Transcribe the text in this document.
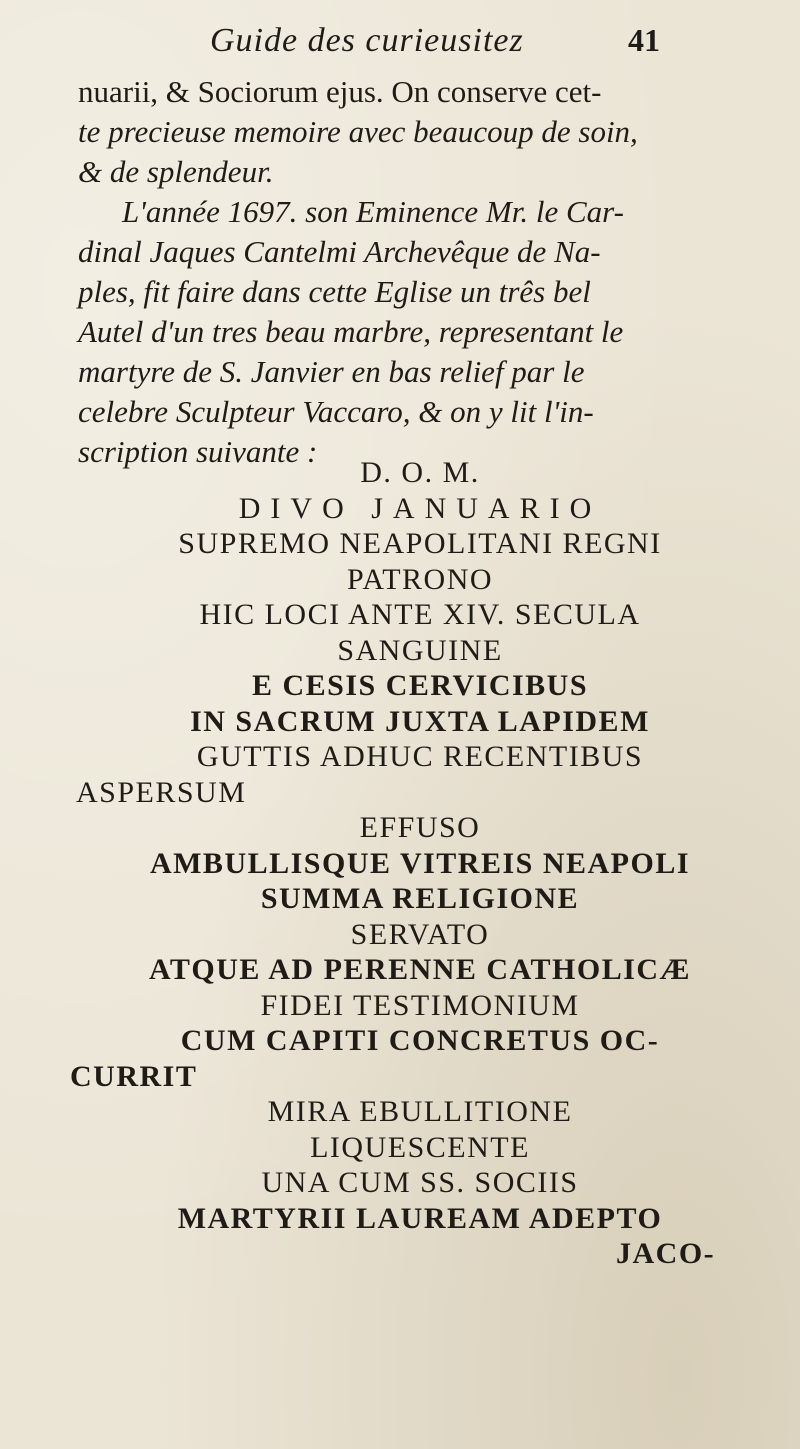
Guide des curieusitez	41
nuarii, & Sociorum ejus. On conserve cet-
te precieuse memoire avec beaucoup de soin,
& de splendeur.
L'année 1697. son Eminence Mr. le Car-
dinal Jaques Cantelmi Archevêque de Na-
ples, fit faire dans cette Eglise un três bel
Autel d'un tres beau marbre, representant le
martyre de S. Janvier en bas relief par le
celebre Sculpteur Vaccaro, & on y lit l'in-
scription suivante :
D. O. M.
DIVO JANUARIO
SUPREMO NEAPOLITANI REGNI
PATRONO
HIC LOCI ANTE XIV. SECULA
SANGUINE
E CESIS CERVICIBUS
IN SACRUM JUXTA LAPIDEM
GUTTIS ADHUC RECENTIBUS
ASPERSUM
EFFUSO
AMBULLISQUE VITREIS NEAPOLI
SUMMA RELIGIONE
SERVATO
ATQUE AD PERENNE CATHOLICÆ
FIDEI TESTIMONIUM
CUM CAPITI CONCRETUS OC-
CURRIT
MIRA EBULLITIONE
LIQUESCENTE
UNA CUM SS. SOCIIS
MARTYRII LAUREAM ADEPTO
JACO-
